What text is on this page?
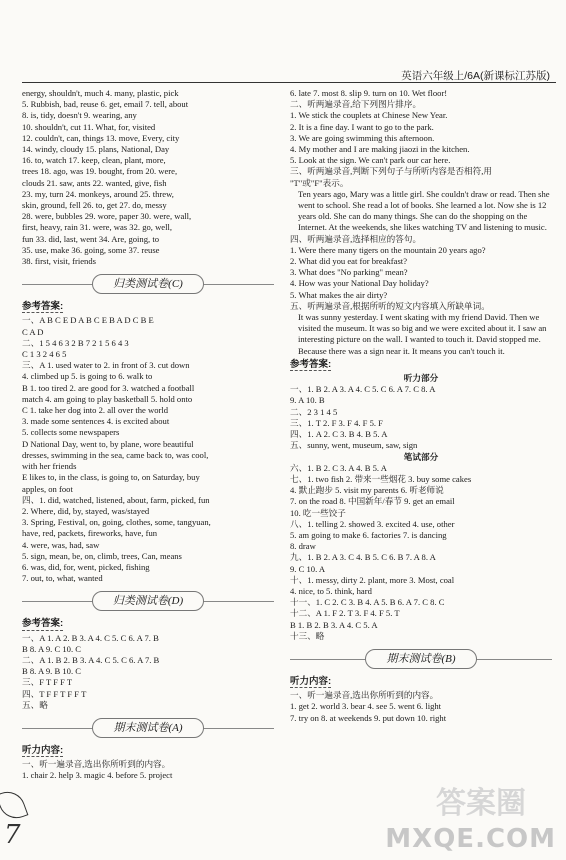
英语六年级上/6A(新课标江苏版)
energy, shouldn't, much 4. many, plastic, pick
5. Rubbish, bad, reuse 6. get, email 7. tell, about
8. is, tidy, doesn't 9. wearing, any
10. shouldn't, cut 11. What, for, visited
12. couldn't, can, things 13. move, Every, city
14. windy, cloudy 15. plans, National, Day
16. to, watch 17. keep, clean, plant, more,
trees 18. ago, was 19. bought, from 20. were,
clouds 21. saw, ants 22. wanted, give, fish
23. my, turn 24. monkeys, around 25. threw,
skin, ground, fell 26. to, get 27. do, messy
28. were, bubbles 29. wore, paper 30. were, wall,
first, heavy, rain 31. were, was 32. go, well,
fun 33. did, last, went 34. Are, going, to
35. use, make 36. going, some 37. reuse
38. first, visit, friends
归类测试卷(C)
参考答案:
一、A B C E D A B C E B A D C B E
C A D
二、1 5 4 6 3 2 B 7 2 1 5 6 4 3
C 1 3 2 4 6 5
三、A 1. used water to 2. in front of 3. cut down
4. climbed up 5. is going to 6. walk to
B 1. too tired 2. are good for 3. watched a football
match 4. am going to play basketball 5. hold onto
C 1. take her dog into 2. all over the world
3. made some sentences 4. is excited about
5. collects some newspapers
D National Day, went to, by plane, wore beautiful
dresses, swimming in the sea, came back to, was cool,
with her friends
E likes to, in the class, is going to, on Saturday, buy
apples, on foot
四、1. did, watched, listened, about, farm, picked, fun
2. Where, did, by, stayed, was/stayed
3. Spring, Festival, on, going, clothes, some, tangyuan,
have, red, packets, fireworks, have, fun
4. were, was, had, saw
5. sign, mean, be, on, climb, trees, Can, means
6. was, did, for, went, picked, fishing
7. out, to, what, wanted
归类测试卷(D)
参考答案:
一、A 1. A 2. B 3. A 4. C 5. C 6. A 7. B
B 8. A 9. C 10. C
二、A 1. B 2. B 3. A 4. C 5. C 6. A 7. B
B 8. A 9. B 10. C
三、F T F F T
四、T F F T F F T
五、略
期末测试卷(A)
听力内容:
一、听一遍录音,选出你所听到的内容。
1. chair 2. help 3. magic 4. before 5. project
6. late 7. most 8. slip 9. turn on 10. Wet floor!
二、听两遍录音,给下列图片排序。
1. We stick the couplets at Chinese New Year.
2. It is a fine day. I want to go to the park.
3. We are going swimming this afternoon.
4. My mother and I are making jiaozi in the kitchen.
5. Look at the sign. We can't park our car here.
三、听两遍录音,判断下列句子与所听内容是否相符,用
"T"或"F"表示。
Ten years ago, Mary was a little girl. She couldn't draw or read. Then she went to school. She read a lot of books. She learned a lot. Now she is 12 years old. She can do many things. She can do the shopping on the Internet. At the weekends, she likes watching TV and listening to music.
四、听两遍录音,选择相应的答句。
1. Were there many tigers on the mountain 20 years ago?
2. What did you eat for breakfast?
3. What does "No parking" mean?
4. How was your National Day holiday?
5. What makes the air dirty?
五、听两遍录音,根据所听的短文内容填入所缺单词。
It was sunny yesterday. I went skating with my friend David. Then we visited the museum. It was so big and we were excited about it. I saw an interesting picture on the wall. I wanted to touch it. David stopped me. Because there was a sign near it. It means you can't touch it.
参考答案:
听力部分
一、1. B 2. A 3. A 4. C 5. C 6. A 7. C 8. A
9. A 10. B
二、2 3 1 4 5
三、1. T 2. F 3. F 4. F 5. F
四、1. A 2. C 3. B 4. B 5. A
五、sunny, went, museum, saw, sign
笔试部分
六、1. B 2. C 3. A 4. B 5. A
七、1. two fish 2. 带来一些烟花 3. buy some cakes
4. 默止跑步 5. visit my parents 6. 听老师说
7. on the road 8. 中国新年/春节 9. get an email
10. 吃一些饺子
八、1. telling 2. showed 3. excited 4. use, other
5. am going to make 6. factories 7. is dancing
8. draw
九、1. B 2. A 3. C 4. B 5. C 6. B 7. A 8. A
9. C 10. A
十、1. messy, dirty 2. plant, more 3. Most, coal
4. nice, to 5. think, hard
十一、1. C 2. C 3. B 4. A 5. B 6. A 7. C 8. C
十二、A 1. F 2. T 3. F 4. F 5. T
B 1. B 2. B 3. A 4. C 5. A
十三、略
期末测试卷(B)
听力内容:
一、听一遍录音,选出你所听到的内容。
1. get 2. world 3. bear 4. see 5. went 6. light
7. try on 8. at weekends 9. put down 10. right
7
答案圈
MXQE.COM
